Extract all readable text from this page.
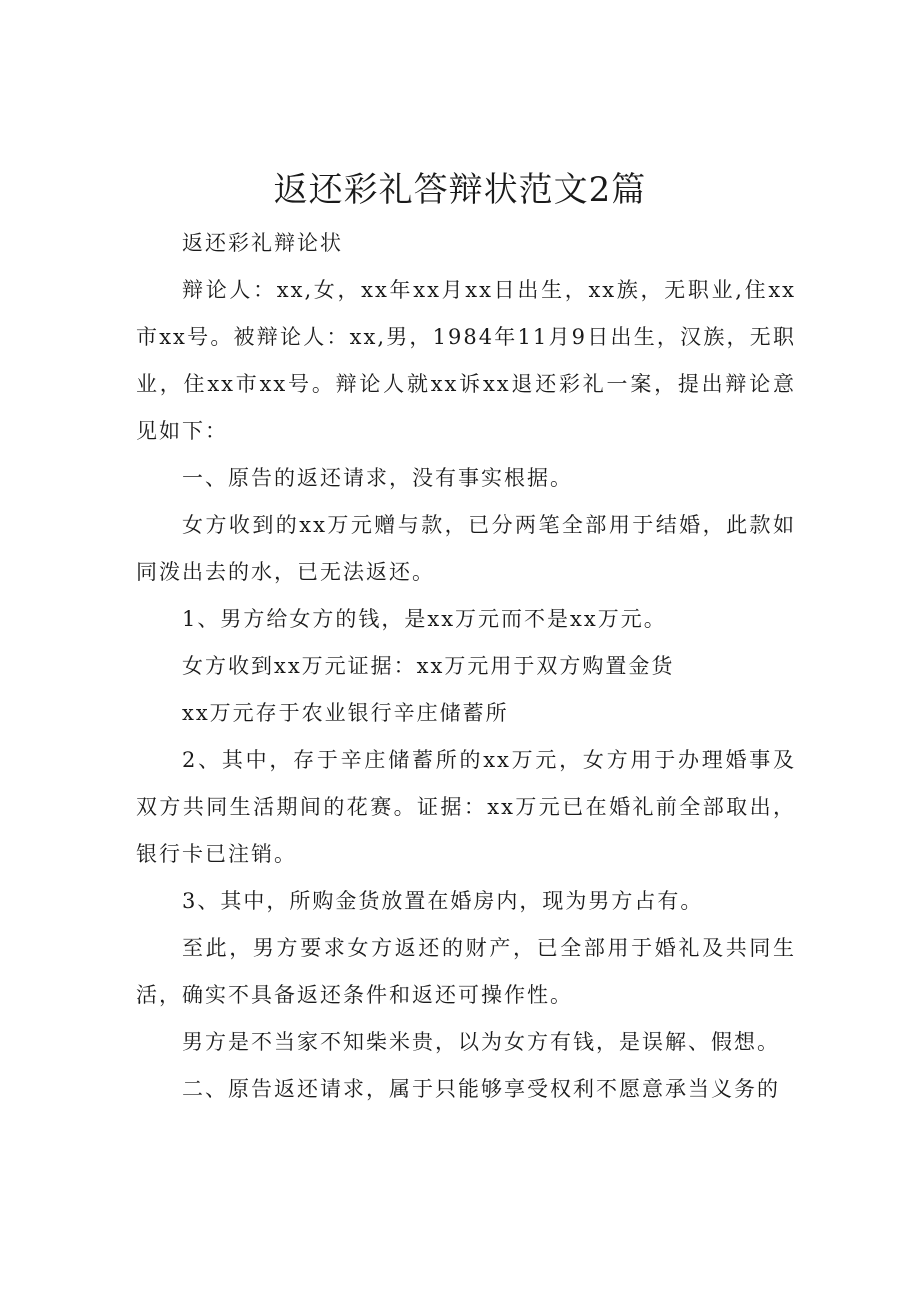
返还彩礼答辩状范文2篇

返还彩礼辩论状

辩论人：xx,女，xx年xx月xx日出生，xx族，无职业,住xx市xx号。被辩论人：xx,男，1984年11月9日出生，汉族，无职业，住xx市xx号。辩论人就xx诉xx退还彩礼一案，提出辩论意见如下：

一、原告的返还请求，没有事实根据。

女方收到的xx万元赠与款，已分两笔全部用于结婚，此款如同泼出去的水，已无法返还。

1、男方给女方的钱，是xx万元而不是xx万元。

女方收到xx万元证据：xx万元用于双方购置金货

xx万元存于农业银行辛庄储蓄所

2、其中，存于辛庄储蓄所的xx万元，女方用于办理婚事及双方共同生活期间的花赛。证据：xx万元已在婚礼前全部取出，银行卡已注销。

3、其中，所购金货放置在婚房内，现为男方占有。

至此，男方要求女方返还的财产，已全部用于婚礼及共同生活，确实不具备返还条件和返还可操作性。

男方是不当家不知柴米贵，以为女方有钱，是误解、假想。

二、原告返还请求，属于只能够享受权利不愿意承当义务的
